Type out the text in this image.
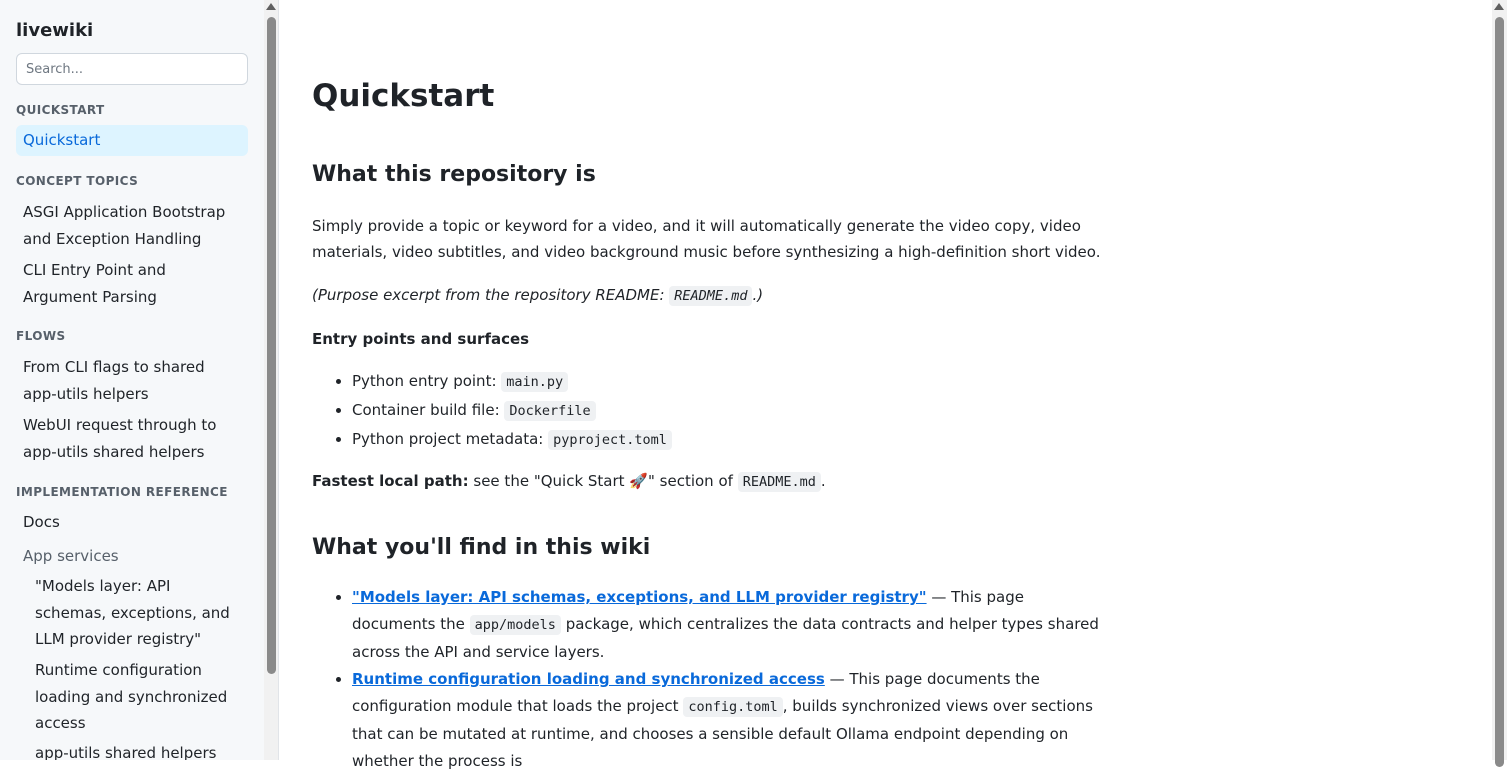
livewiki
Search...
QUICKSTART
Quickstart
CONCEPT TOPICS
ASGI Application Bootstrap and Exception Handling
CLI Entry Point and Argument Parsing
FLOWS
From CLI flags to shared app-utils helpers
WebUI request through to app-utils shared helpers
IMPLEMENTATION REFERENCE
Docs
App services
"Models layer: API schemas, exceptions, and LLM provider registry"
Runtime configuration loading and synchronized access
app-utils shared helpers
Quickstart
What this repository is

Simply provide a topic or keyword for a video, and it will automatically generate the video copy, video materials, video subtitles, and video background music before synthesizing a high-definition short video.

(Purpose excerpt from the repository README: README.md .)

Entry points and surfaces

• Python entry point: main.py
• Container build file: Dockerfile
• Python project metadata: pyproject.toml

Fastest local path: see the "Quick Start 🚀" section of README.md .

What you'll find in this wiki
• "Models layer: API schemas, exceptions, and LLM provider registry" — This page documents the app/models package, which centralizes the data contracts and helper types shared across the API and service layers.
• Runtime configuration loading and synchronized access — This page documents the configuration module that loads the project config.toml , builds synchronized views over sections that can be mutated at runtime, and chooses a sensible default Ollama endpoint depending on whether the process is
